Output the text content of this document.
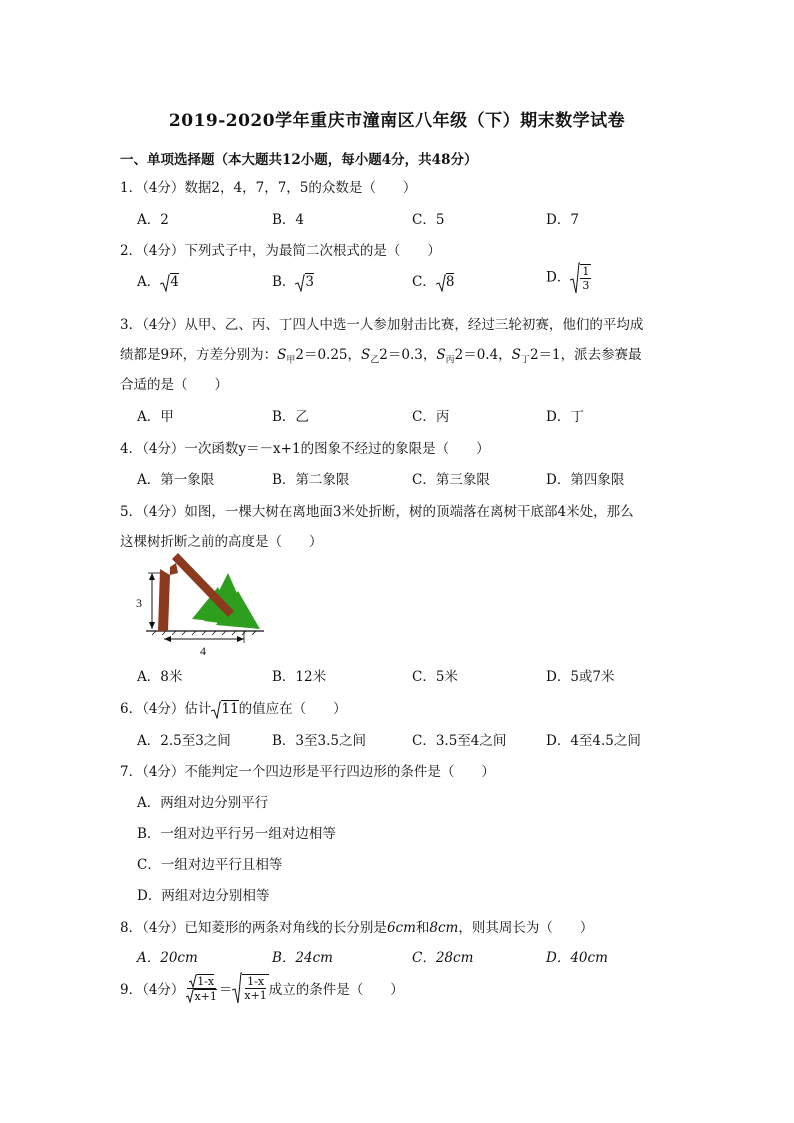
2019-2020学年重庆市潼南区八年级（下）期末数学试卷
一、单项选择题（本大题共12小题，每小题4分，共48分）
1．（4分）数据2，4，7，7，5的众数是（　　）
A．2	B．4	C．5	D．7
2．（4分）下列式子中，为最简二次根式的是（　　）
A． 4	B． 3	C． 8	D． $\frac{1}{3}$
3．（4分）从甲、乙、丙、丁四人中选一人参加射击比赛，经过三轮初赛，他们的平均成
绩都是9环，方差分别为：$S_甲2=0.25$，$S_乙2=0.3$，$S_丙2=0.4$，$S_丁2=1$，派去参赛最
合适的是（　　）
A．甲	B．乙	C．丙	D．丁
4．（4分）一次函数y＝－x+1的图象不经过的象限是（　　）
A．第一象限	B．第二象限	C．第三象限	D．第四象限
5．（4分）如图，一棵大树在离地面3米处折断，树的顶端落在离树干底部4米处，那么
这棵树折断之前的高度是（　　）
3
4
A．8米	B．12米	C．5米	D．5或7米
6．（4分）估计 11的值应在（　　）
A．2.5至3之间	B．3至3.5之间	C．3.5至4之间	D．4至4.5之间
7．（4分）不能判定一个四边形是平行四边形的条件是（　　）
A．两组对边分别平行
B．一组对边平行另一组对边相等
C．一组对边平行且相等
D．两组对边分别相等
8．（4分）已知菱形的两条对角线的长分别是6cm和8cm，则其周长为（　　）
A．20cm	B．24cm	C．28cm	D．40cm
9．（4分） $\frac{1-x}{x+1} = \frac{1-x}{x+1}$ 成立的条件是（　　）
